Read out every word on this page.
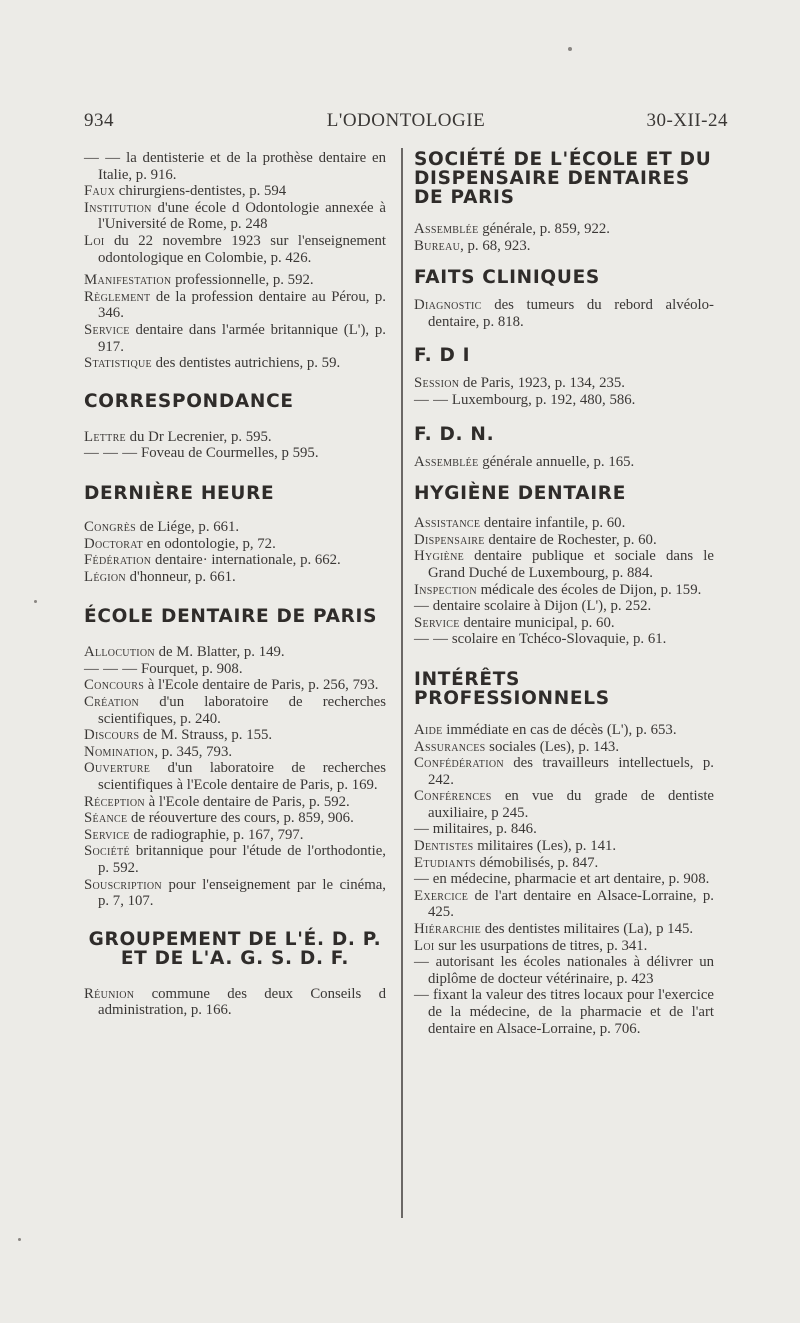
934	L'ODONTOLOGIE	30-XII-24

— — la dentisterie et de la prothèse dentaire en Italie, p. 916.

Faux chirurgiens-dentistes, p. 594

Institution d'une école d Odontologie annexée à l'Université de Rome, p. 248

Loi du 22 novembre 1923 sur l'enseignement odontologique en Colombie, p. 426.

Manifestation professionnelle, p. 592.

Règlement de la profession dentaire au Pérou, p. 346.

Service dentaire dans l'armée britannique (L'), p. 917.

Statistique des dentistes autrichiens, p. 59.

CORRESPONDANCE

Lettre du Dr Lecrenier, p. 595.

— — — Foveau de Courmelles, p 595.

DERNIÈRE HEURE

Congrès de Liége, p. 661.

Doctorat en odontologie, p, 72.

Fédération dentaire· internationale, p. 662.

Légion d'honneur, p. 661.

ÉCOLE DENTAIRE DE PARIS

Allocution de M. Blatter, p. 149.

— — — Fourquet, p. 908.

Concours à l'Ecole dentaire de Paris, p. 256, 793.

Création d'un laboratoire de recherches scientifiques, p. 240.

Discours de M. Strauss, p. 155.

Nomination, p. 345, 793.

Ouverture d'un laboratoire de recherches scientifiques à l'Ecole dentaire de Paris, p. 169.

Réception à l'Ecole dentaire de Paris, p. 592.

Séance de réouverture des cours, p. 859, 906.

Service de radiographie, p. 167, 797.

Société britannique pour l'étude de l'orthodontie, p. 592.

Souscription pour l'enseignement par le cinéma, p. 7, 107.

GROUPEMENT DE L'É. D. P. ET DE L'A. G. S. D. F.

Réunion commune des deux Conseils d administration, p. 166.

SOCIÉTÉ DE L'ÉCOLE ET DU DISPENSAIRE DENTAIRES DE PARIS

Assemblée générale, p. 859, 922.

Bureau, p. 68, 923.

FAITS CLINIQUES

Diagnostic des tumeurs du rebord alvéolo-dentaire, p. 818.

F. D I

Session de Paris, 1923, p. 134, 235.

— — Luxembourg, p. 192, 480, 586.

F. D. N.

Assemblée générale annuelle, p. 165.

HYGIÈNE DENTAIRE

Assistance dentaire infantile, p. 60.

Dispensaire dentaire de Rochester, p. 60.

Hygiène dentaire publique et sociale dans le Grand Duché de Luxembourg, p. 884.

Inspection médicale des écoles de Dijon, p. 159.

— dentaire scolaire à Dijon (L'), p. 252.

Service dentaire municipal, p. 60.

— — scolaire en Tchéco-Slovaquie, p. 61.

INTÉRÊTS PROFESSIONNELS

Aide immédiate en cas de décès (L'), p. 653.

Assurances sociales (Les), p. 143.

Confédération des travailleurs intellectuels, p. 242.

Conférences en vue du grade de dentiste auxiliaire, p 245.

— militaires, p. 846.

Dentistes militaires (Les), p. 141.

Etudiants démobilisés, p. 847.

— en médecine, pharmacie et art dentaire, p. 908.

Exercice de l'art dentaire en Alsace-Lorraine, p. 425.

Hiérarchie des dentistes militaires (La), p 145.

Loi sur les usurpations de titres, p. 341.

— autorisant les écoles nationales à délivrer un diplôme de docteur vétérinaire, p. 423

— fixant la valeur des titres locaux pour l'exercice de la médecine, de la pharmacie et de l'art dentaire en Alsace-Lorraine, p. 706.
